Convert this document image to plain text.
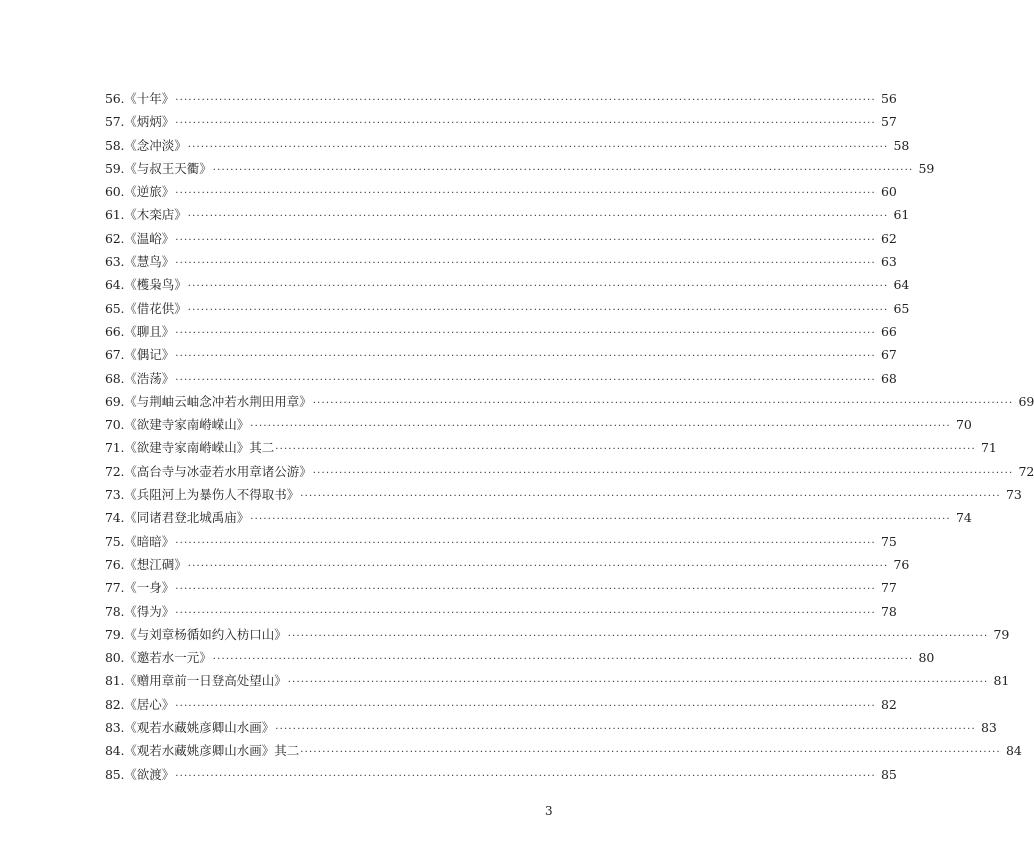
56. 《十年》 ································································································································································ 56
57. 《炳炳》 ································································································································································ 57
58. 《念冲淡》 ································································································································································ 58
59. 《与叔王天衢》 ································································································································································ 59
60. 《逆旅》 ································································································································································ 60
61. 《木栾店》 ································································································································································ 61
62. 《温峪》 ································································································································································ 62
63. 《慧鸟》 ································································································································································ 63
64. 《檴枭鸟》 ································································································································································ 64
65. 《借花供》 ································································································································································ 65
66. 《聊且》 ································································································································································ 66
67. 《偶记》 ································································································································································ 67
68. 《浩荡》 ································································································································································ 68
69. 《与荆岫云岫念冲若水荆田用章》 ································································································································································ 69
70. 《欲建寺家南崻嵘山》 ································································································································································ 70
71. 《欲建寺家南崻嵘山》其二 ································································································································································ 71
72. 《高台寺与冰壶若水用章诸公游》 ································································································································································ 72
73. 《兵阻河上为暴伤人不得取书》 ································································································································································ 73
74. 《同诸君登北城禹庙》 ································································································································································ 74
75. 《暗暗》 ································································································································································ 75
76. 《想江碉》 ································································································································································ 76
77. 《一身》 ································································································································································ 77
78. 《得为》 ································································································································································ 78
79. 《与刘章杨循如约入枋口山》 ································································································································································ 79
80. 《邀若水一元》 ································································································································································ 80
81. 《赠用章前一日登高处望山》 ································································································································································ 81
82. 《居心》 ································································································································································ 82
83. 《观若水藏姚彦卿山水画》 ································································································································································ 83
84. 《观若水藏姚彦卿山水画》其二 ································································································································································ 84
85. 《欲渡》 ································································································································································ 85
3
